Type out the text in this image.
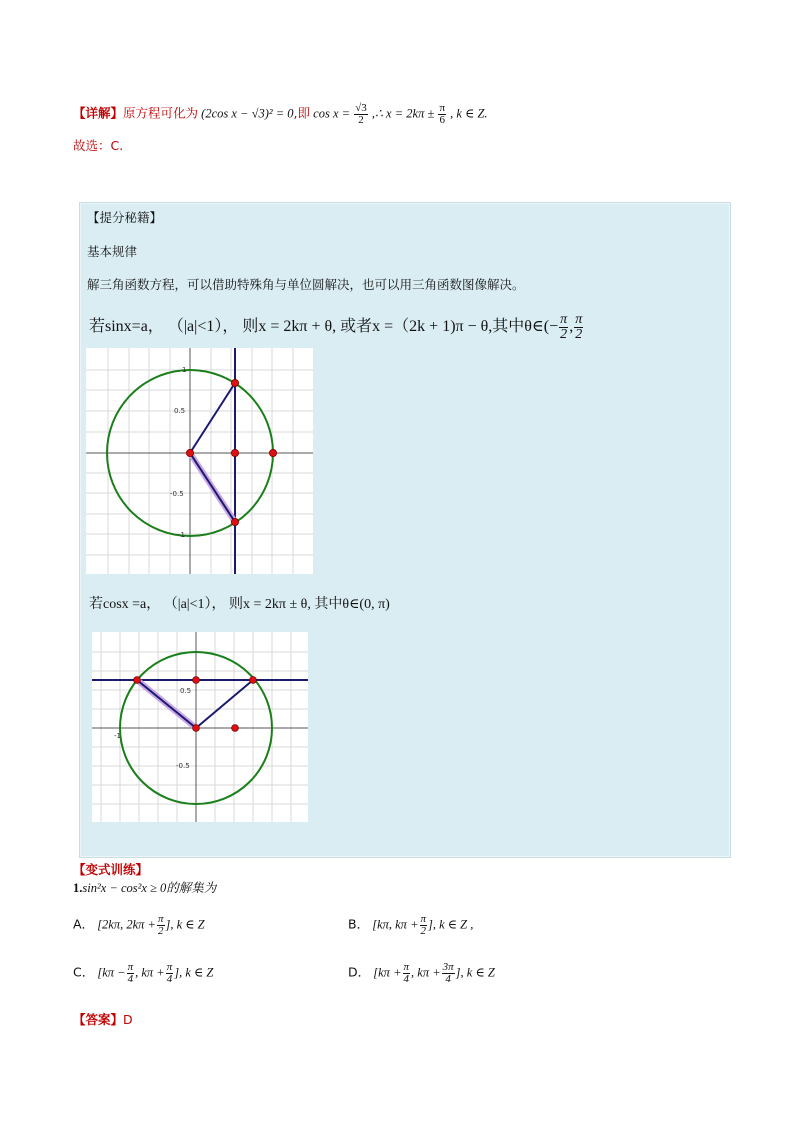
【详解】原方程可化为 (2cos x − √3)² = 0,即 $\cos x = \frac{√3}{2}$ ,∴ $x = 2k\pi \pm \frac{\pi}{6}$ , k ∈ Z.
故选：C.
【提分秘籍】
基本规律
解三角函数方程，可以借助特殊角与单位圆解决，也可以用三角函数图像解决。
若sinx=a， （|a|<1）， 则x = 2kπ + θ, 或者x =（2k + 1)π − θ,其中θ∈(− $\frac{\pi}{2}$ , $\frac{\pi}{2}$
0.5
-0.5
1
-1
若cosx =a， （|a|<1）， 则x = 2kπ ± θ, 其中θ∈(0, π)
0.5
-0.5
-1
【变式训练】
1.sin²x − cos²x ≥ 0的解集为
A． [2kπ, $2k\pi + \frac{\pi}{2}$ ], k ∈ Z	B． [kπ, $k\pi + \frac{\pi}{2}$ ], k ∈ Z ,
C． [$k\pi - \frac{\pi}{4}$ , $k\pi + \frac{\pi}{4}$ ], k ∈ Z	D． [$k\pi + \frac{\pi}{4}$ , $k\pi + \frac{3\pi}{4}$ ], k ∈ Z
【答案】D
